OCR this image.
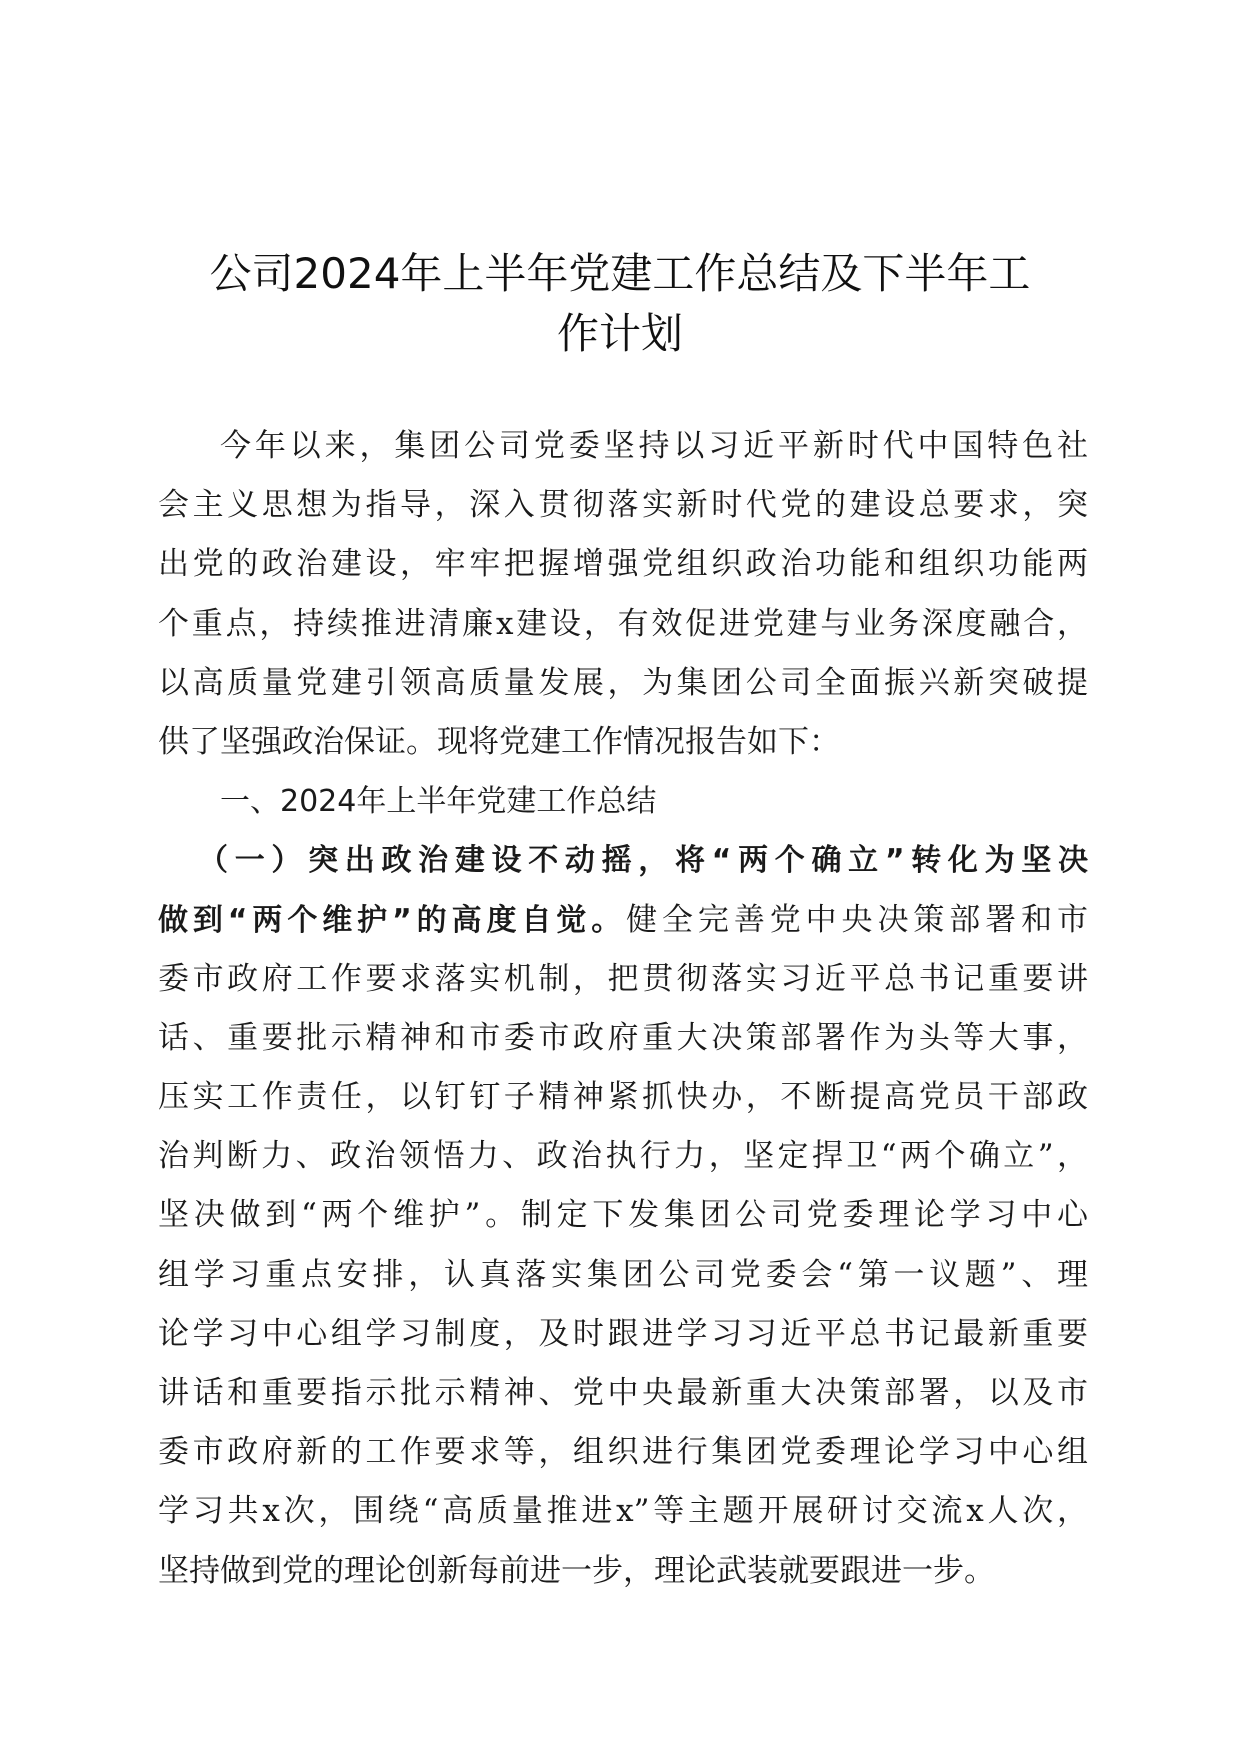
公司2024年上半年党建工作总结及下半年工
作计划
今年以来，集团公司党委坚持以习近平新时代中国特色社
会主义思想为指导，深入贯彻落实新时代党的建设总要求，突
出党的政治建设，牢牢把握增强党组织政治功能和组织功能两
个重点，持续推进清廉x建设，有效促进党建与业务深度融合，
以高质量党建引领高质量发展，为集团公司全面振兴新突破提
供了坚强政治保证。现将党建工作情况报告如下：
一、2024年上半年党建工作总结
（一）突出政治建设不动摇，将“两个确立”转化为坚决
做到“两个维护”的高度自觉。健全完善党中央决策部署和市
委市政府工作要求落实机制，把贯彻落实习近平总书记重要讲
话、重要批示精神和市委市政府重大决策部署作为头等大事，
压实工作责任，以钉钉子精神紧抓快办，不断提高党员干部政
治判断力、政治领悟力、政治执行力，坚定捍卫“两个确立”，
坚决做到“两个维护”。制定下发集团公司党委理论学习中心
组学习重点安排，认真落实集团公司党委会“第一议题”、理
论学习中心组学习制度，及时跟进学习习近平总书记最新重要
讲话和重要指示批示精神、党中央最新重大决策部署，以及市
委市政府新的工作要求等，组织进行集团党委理论学习中心组
学习共x次，围绕“高质量推进x”等主题开展研讨交流x人次，
坚持做到党的理论创新每前进一步，理论武装就要跟进一步。
